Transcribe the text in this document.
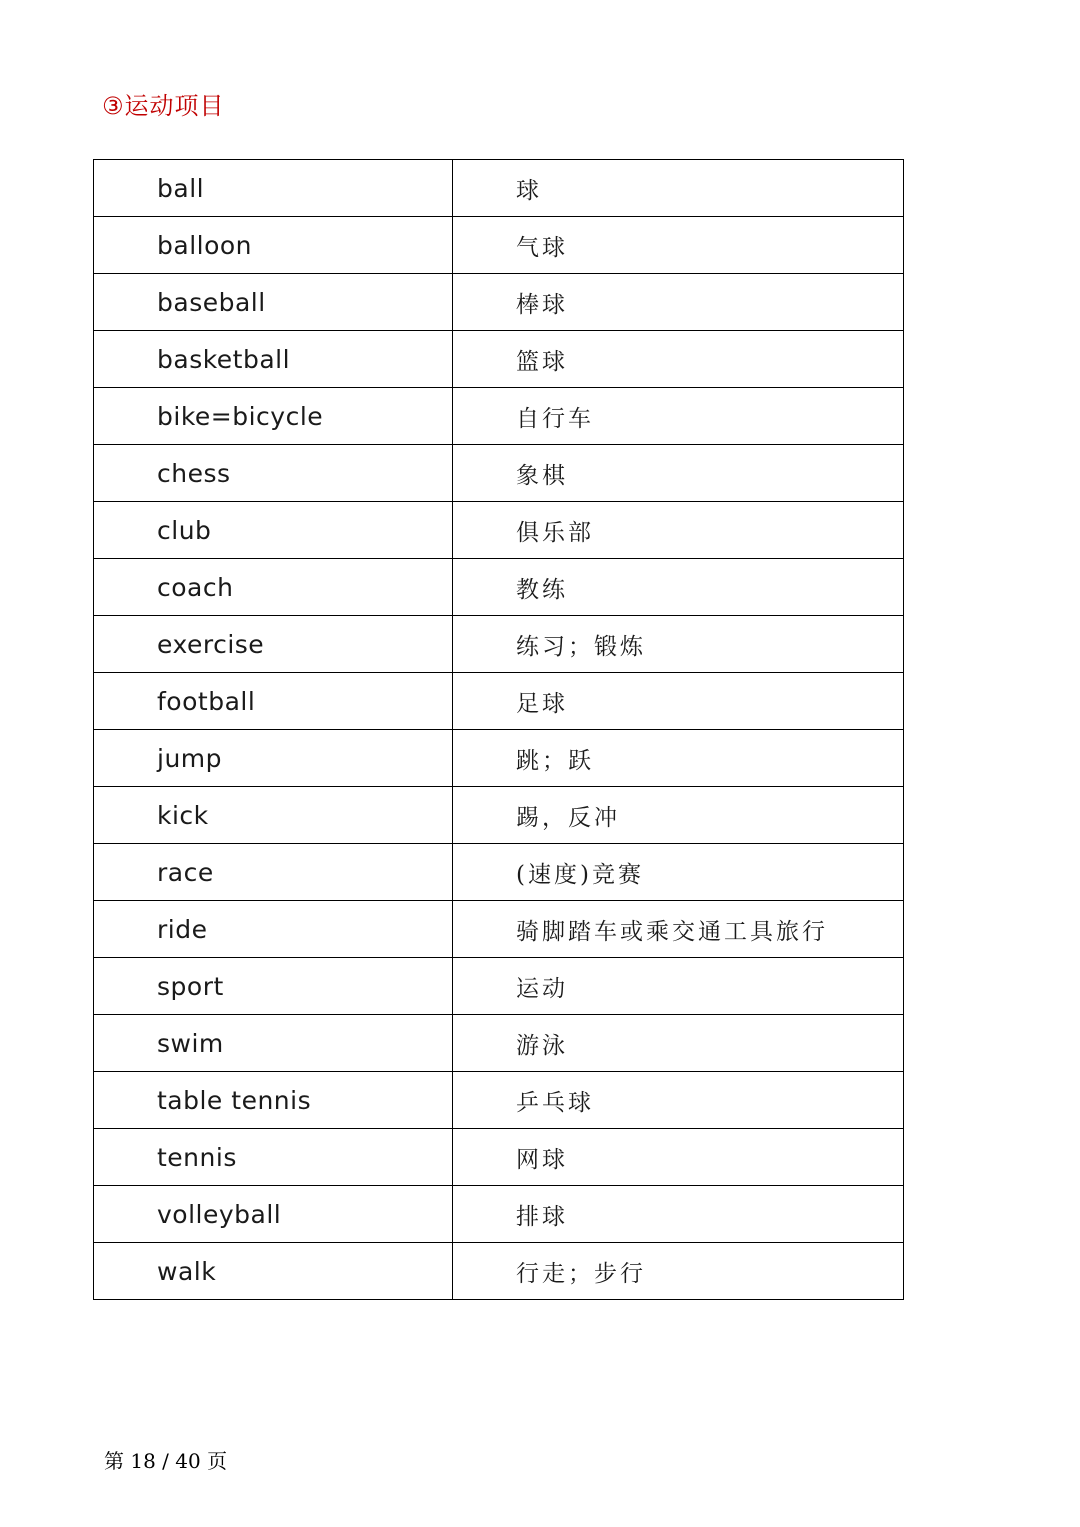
③运动项目
ball	球
balloon	气球
baseball	棒球
basketball	篮球
bike=bicycle	自行车
chess	象棋
club	俱乐部
coach	教练
exercise	练习；锻炼
football	足球
jump	跳；跃
kick	踢，反冲
race	(速度)竞赛
ride	骑脚踏车或乘交通工具旅行
sport	运动
swim	游泳
table tennis	乒乓球
tennis	网球
volleyball	排球
walk	行走；步行
第 18 / 40 页
